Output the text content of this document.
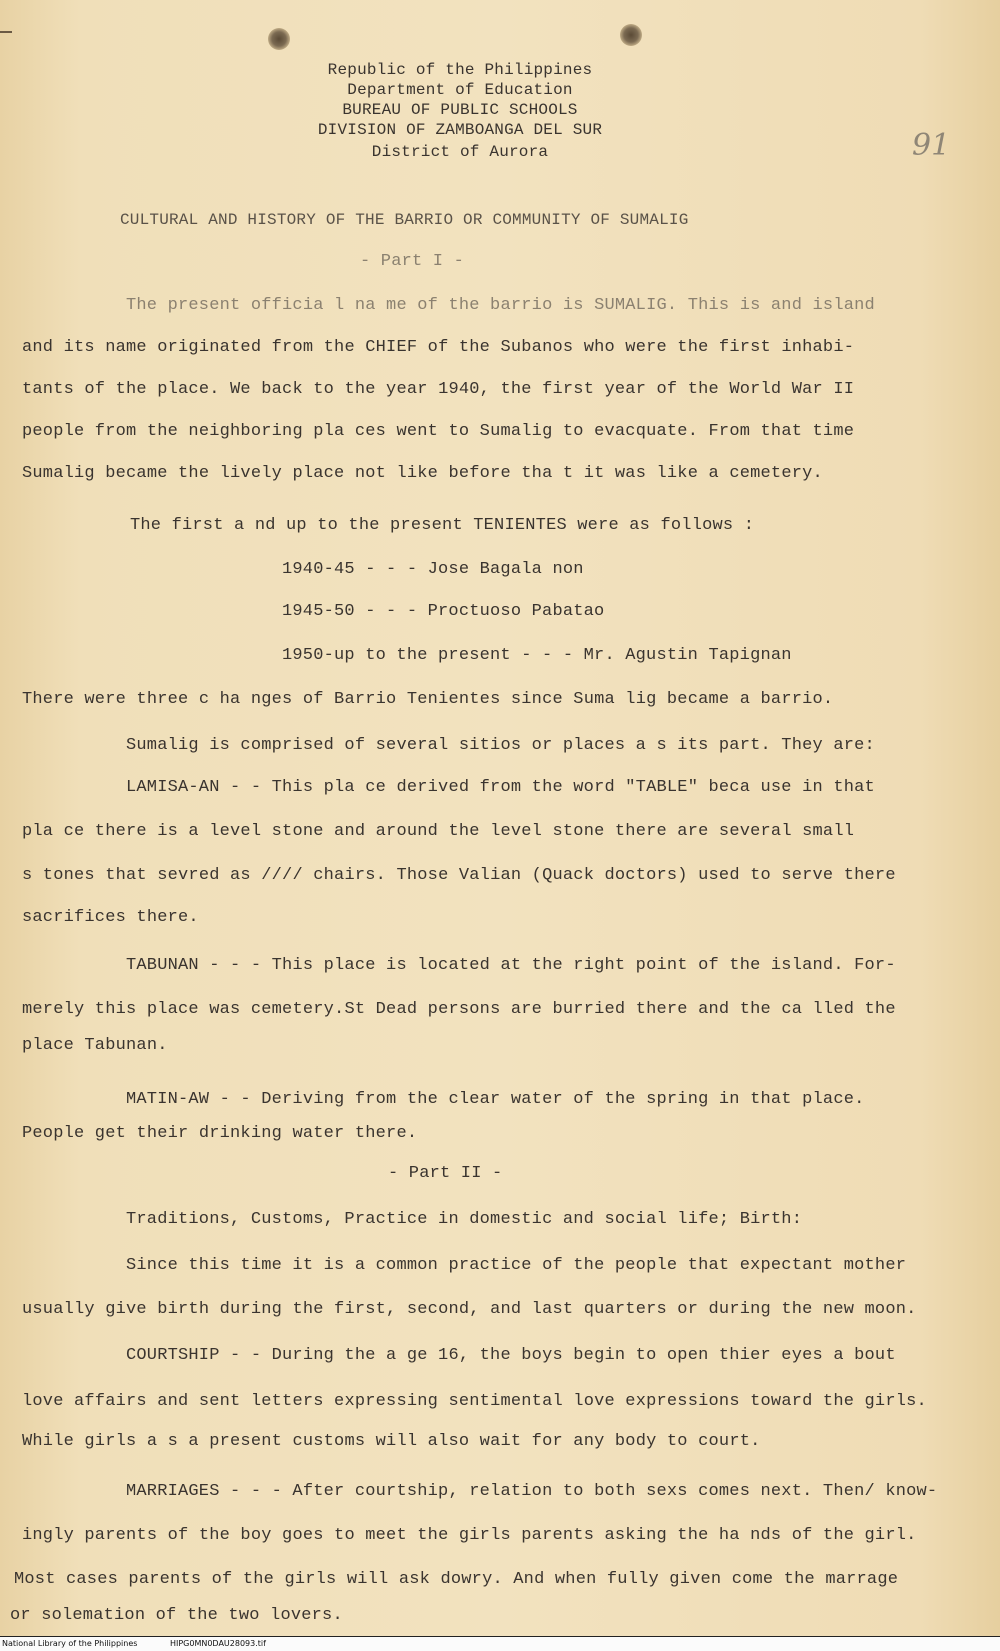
Republic of the Philippines
Department of Education
BUREAU OF PUBLIC SCHOOLS
DIVISION OF ZAMBOANGA DEL SUR
District of Aurora	91
CULTURAL AND HISTORY OF THE BARRIO OR COMMUNITY OF SUMALIG
- Part I -
The present officia l na me of the barrio is SUMALIG. This is and island
and its name originated from the CHIEF of the Subanos who were the first inhabi-
tants of the place. We back to the year 1940, the first year of the World War II
people from the neighboring pla ces went to Sumalig to evacquate. From that time
Sumalig became the lively place not like before tha t it was like a cemetery.
The first a nd up to the present TENIENTES were as follows :
1940-45 - - - Jose Bagala non
1945-50 - - - Proctuoso Pabatao
1950-up to the present - - - Mr. Agustin Tapignan
There were three c ha nges of Barrio Tenientes since Suma lig became a barrio.
Sumalig is comprised of several sitios or places a s its part. They are:
LAMISA-AN - - This pla ce derived from the word "TABLE" beca use in that
pla ce there is a level stone and around the level stone there are several small
s tones that sevred as //// chairs. Those Valian (Quack doctors) used to serve there
sacrifices there.
TABUNAN - - - This place is located at the right point of the island. For-
merely this place was cemetery.St Dead persons are burried there and the ca lled the
place Tabunan.
MATIN-AW - - Deriving from the clear water of the spring in that place.
People get their drinking water there.
- Part II -
Traditions, Customs, Practice in domestic and social life; Birth:
Since this time it is a common practice of the people that expectant mother
usually give birth during the first, second, and last quarters or during the new moon.
COURTSHIP - - During the a ge 16, the boys begin to open thier eyes a bout
love affairs and sent letters expressing sentimental love expressions toward the girls.
While girls a s a present customs will also wait for any body to court.
MARRIAGES - - - After courtship, relation to both sexs comes next. Then/ know-
ingly parents of the boy goes to meet the girls parents asking the ha nds of the girl.
Most cases parents of the girls will ask dowry. And when fully given come the marrage
or solemation of the two lovers.
National Library of the Philippines	HIPG0MN0DAU28093.tif
